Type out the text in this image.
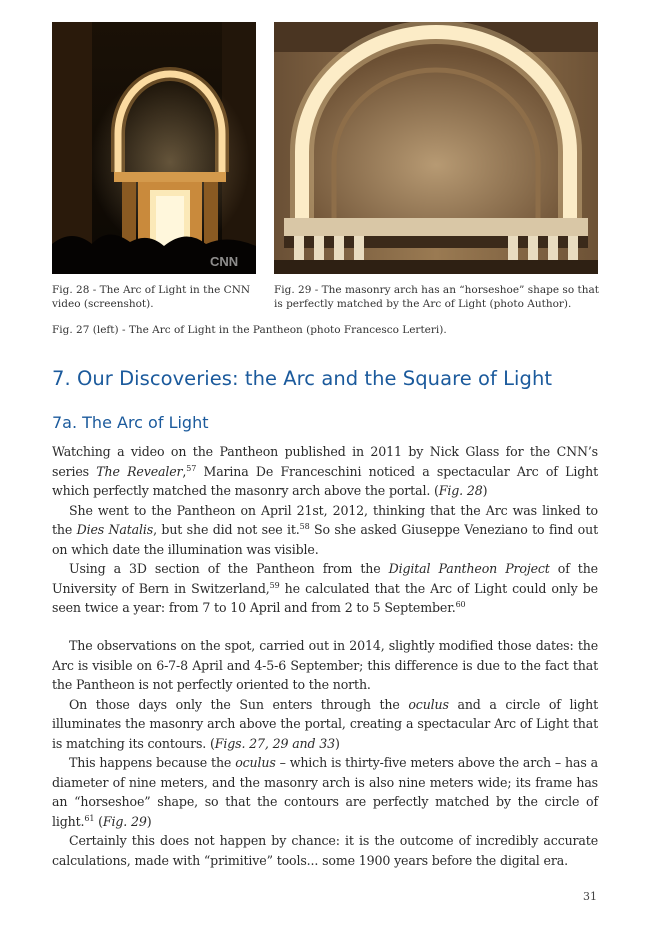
CNN
Fig. 28 - The Arc of Light in the CNN video (screenshot).
Fig. 29 - The masonry arch has an “horseshoe” shape so that is perfectly matched by the Arc of Light (photo Author).
Fig. 27 (left) - The Arc of Light in the Pantheon (photo Francesco Lerteri).
7. Our Discoveries: the Arc and the Square of Light
7a. The Arc of Light

Watching a video on the Pantheon published in 2011 by Nick Glass for the CNN’s series The Revealer,$^{57}$ Marina De Franceschini noticed a spectacular Arc of Light which perfectly matched the masonry arch above the portal. (Fig. 28)

She went to the Pantheon on April 21st, 2012, thinking that the Arc was linked to the Dies Natalis, but she did not see it.$^{58}$ So she asked Giuseppe Veneziano to find out on which date the illumination was visible.

Using a 3D section of the Pantheon from the Digital Pantheon Project of the University of Bern in Switzerland,$^{59}$ he calculated that the Arc of Light could only be seen twice a year: from 7 to 10 April and from 2 to 5 September.$^{60}$

The observations on the spot, carried out in 2014, slightly modified those dates: the Arc is visible on 6-7-8 April and 4-5-6 September; this difference is due to the fact that the Pantheon is not perfectly oriented to the north.

On those days only the Sun enters through the oculus and a circle of light illuminates the masonry arch above the portal, creating a spectacular Arc of Light that is matching its contours. (Figs. 27, 29 and 33)

This happens because the oculus – which is thirty-five meters above the arch – has a diameter of nine meters, and the masonry arch is also nine meters wide; its frame has an “horseshoe” shape, so that the contours are perfectly matched by the circle of light.$^{61}$ (Fig. 29)

Certainly this does not happen by chance: it is the outcome of incredibly accurate calculations, made with “primitive” tools... some 1900 years before the digital era.

31
